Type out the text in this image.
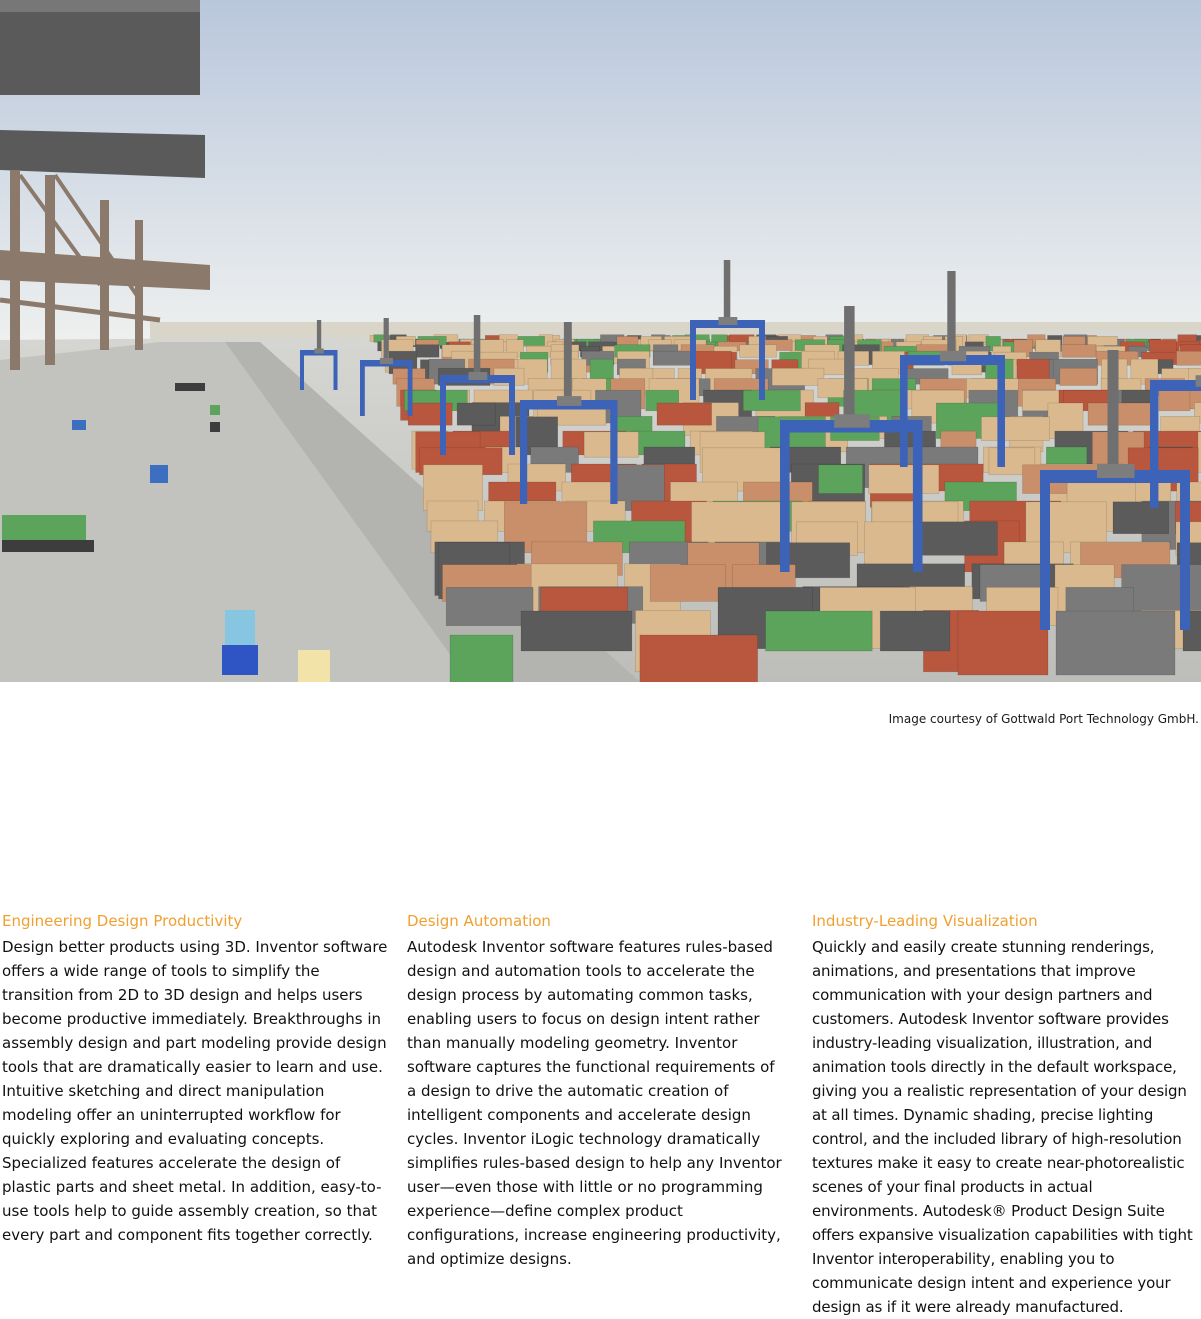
Image courtesy of Gottwald Port Technology GmbH.
Engineering Design Productivity

Design better products using 3D. Inventor software offers a wide range of tools to simplify the transition from 2D to 3D design and helps users become productive immediately. Breakthroughs in assembly design and part modeling provide design tools that are dramatically easier to learn and use. Intuitive sketching and direct manipulation modeling offer an uninterrupted workflow for quickly exploring and evaluating concepts. Specialized features accelerate the design of plastic parts and sheet metal. In addition, easy-to-use tools help to guide assembly creation, so that every part and component fits together correctly.

Design Automation

Autodesk Inventor software features rules-based design and automation tools to accelerate the design process by automating common tasks, enabling users to focus on design intent rather than manually modeling geometry. Inventor software captures the functional requirements of a design to drive the automatic creation of intelligent components and accelerate design cycles. Inventor iLogic technology dramatically simplifies rules-based design to help any Inventor user—even those with little or no programming experience—define complex product configurations, increase engineering productivity, and optimize designs.

Industry-Leading Visualization

Quickly and easily create stunning renderings, animations, and presentations that improve communication with your design partners and customers. Autodesk Inventor software provides industry-leading visualization, illustration, and animation tools directly in the default workspace, giving you a realistic representation of your design at all times. Dynamic shading, precise lighting control, and the included library of high-resolution textures make it easy to create near-photorealistic scenes of your final products in actual environments. Autodesk® Product Design Suite offers expansive visualization capabilities with tight Inventor interoperability, enabling you to communicate design intent and experience your design as if it were already manufactured.
